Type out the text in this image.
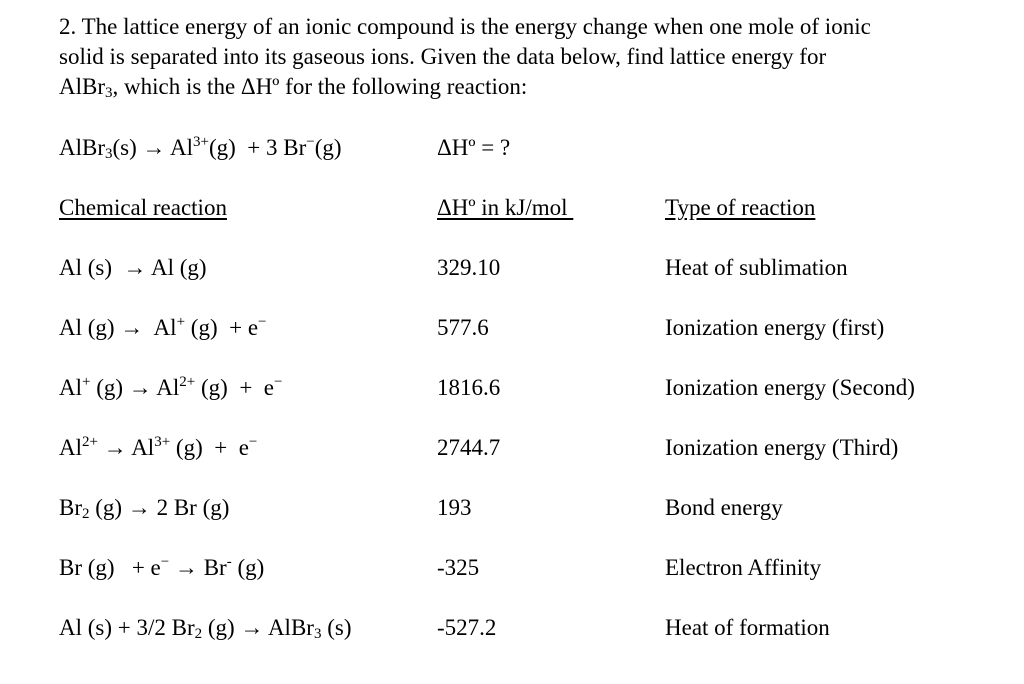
2. The lattice energy of an ionic compound is the energy change when one mole of ionic
solid is separated into its gaseous ions. Given the data below, find lattice energy for
AlBr$_3$, which is the ΔHº for the following reaction:
AlBr$_3$(s) → $Al^{3+}(g) + 3$ Br−(g)	ΔHº = ?
Chemical reaction	ΔHº in kJ/mol	Type of reaction
Al (s)  → Al (g)	329.10	Heat of sublimation
Al (g) →  Al+ (g)  + e−	577.6	Ionization energy (first)
Al+ $(g) \to Al^{2+}$ (g)  +  e−	1816.6	Ionization energy (Second)
$Al^{2+} \to Al^{3+}$ (g)  +  e−	2744.7	Ionization energy (Third)
$Br_2$ (g) → 2 Br (g)	193	Bond energy
Br (g)   + e− → Br- (g)	-325	Electron Affinity
Al (s) + 3/2 $Br_2$ (g) → AlBr$_3$ (s)	-527.2	Heat of formation
